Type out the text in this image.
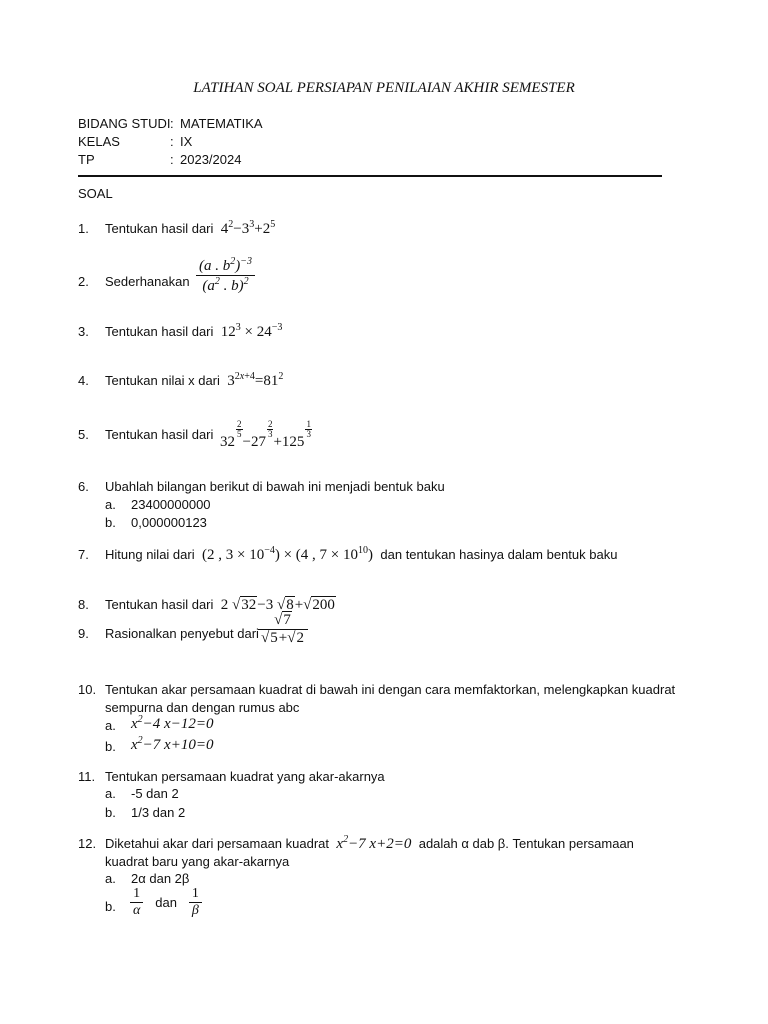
LATIHAN SOAL PERSIAPAN PENILAIAN AKHIR SEMESTER
BIDANG STUDI : MATEMATIKA
KELAS	: IX
TP	: 2023/2024
SOAL
1. Tentukan hasil dari  $4^2-3^3+2^5$
2. Sederhanakan $\frac{(a . b^2)^{-3}}{(a^2 . b)^2}$
3. Tentukan hasil dari  $12^3 \times 24^{-3}$
4. Tentukan nilai x dari  $3^{2x+4}=81^2$
5. Tentukan hasil dari 32
$\frac{2}{5}$
−27
$\frac{2}{3}$
+125
$\frac{1}{3}$
6. Ubahlah bilangan berikut di bawah ini menjadi bentuk baku
a. 23400000000
b. 0,000000123
7. Hitung nilai dari  (2 , $3 \times 10^{-4}) \times (4$ , $7 \times 10^{10}$)  dan tentukan hasinya dalam bentuk baku
8. Tentukan hasil dari  2 √32−3 √8+√200
9. Rasionalkan penyebut dari $\frac{√7}{√5+√2}$
10. Tentukan akar persamaan kuadrat di bawah ini dengan cara memfaktorkan, melengkapkan kuadrat sempurna dan dengan rumus abc
a. $x^2-4$ x−12=0
b. $x^2-7$ x+10=0
11. Tentukan persamaan kuadrat yang akar-akarnya
a. -5 dan 2
b. 1/3 dan 2
12. Diketahui akar dari persamaan kuadrat  $x^2-7$ x+2=0  adalah α dab β. Tentukan persamaan kuadrat baru yang akar-akarnya
a. 2α dan 2β
b. $\frac{1}{\alpha}$ dan $\frac{1}{\beta}$
